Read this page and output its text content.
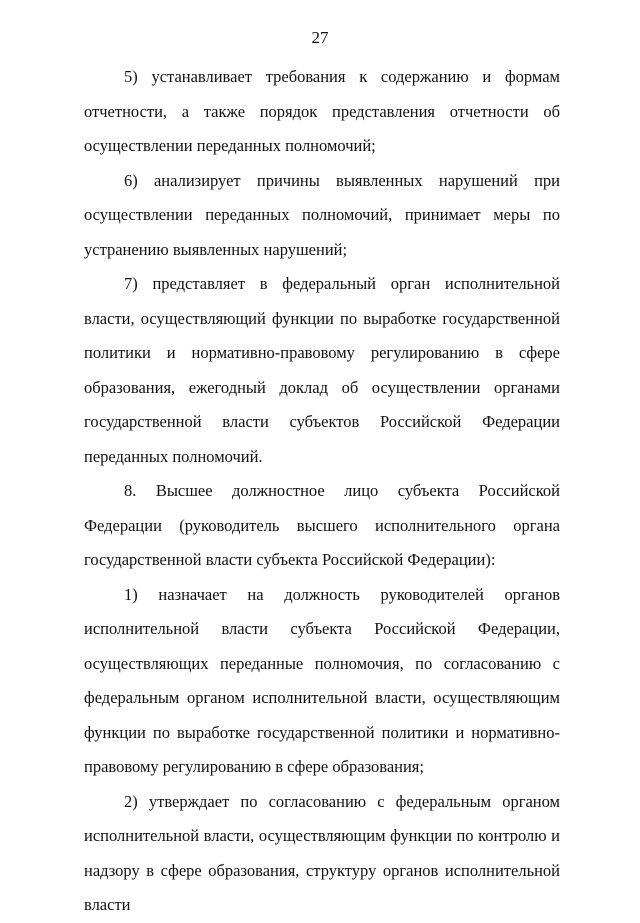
27

5) устанавливает требования к содержанию и формам отчетности, а также порядок представления отчетности об осуществлении переданных полномочий;

6) анализирует причины выявленных нарушений при осуществлении переданных полномочий, принимает меры по устранению выявленных нарушений;

7) представляет в федеральный орган исполнительной власти, осуществляющий функции по выработке государственной политики и нормативно-правовому регулированию в сфере образования, ежегодный доклад об осуществлении органами государственной власти субъектов Российской Федерации переданных полномочий.

8. Высшее должностное лицо субъекта Российской Федерации (руководитель высшего исполнительного органа государственной власти субъекта Российской Федерации):

1) назначает на должность руководителей органов исполнительной власти субъекта Российской Федерации, осуществляющих переданные полномочия, по согласованию с федеральным органом исполнительной власти, осуществляющим функции по выработке государственной политики и нормативно-правовому регулированию в сфере образования;

2) утверждает по согласованию с федеральным органом исполнительной власти, осуществляющим функции по контролю и надзору в сфере образования, структуру органов исполнительной власти
